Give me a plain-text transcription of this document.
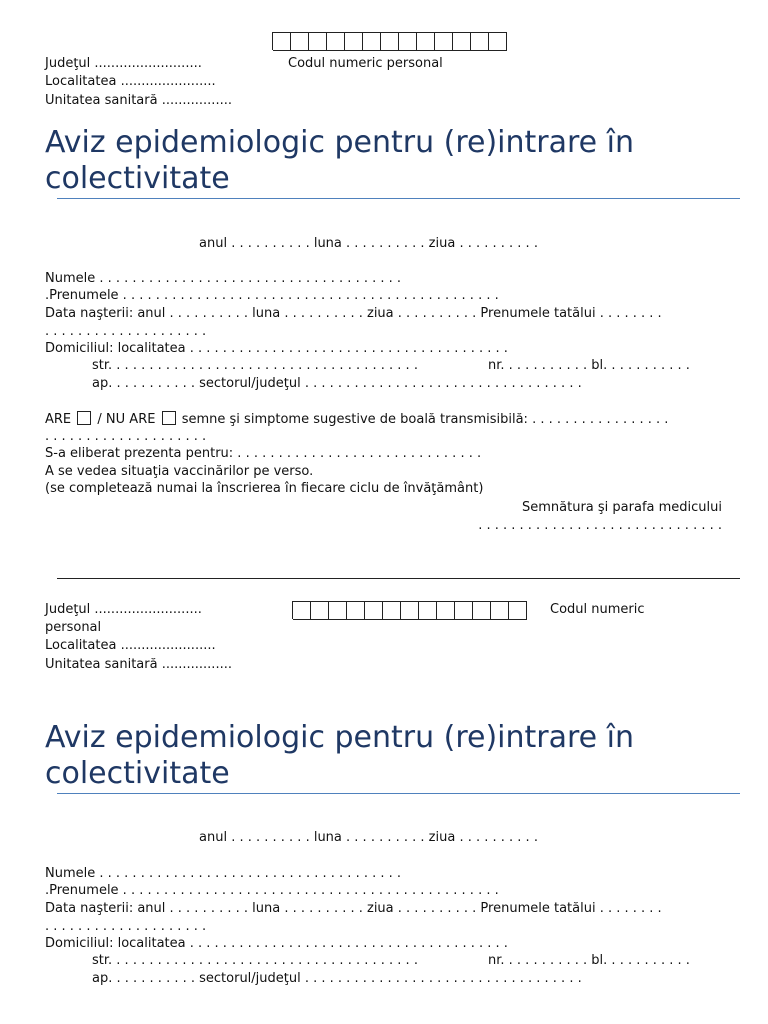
Judeţul ..........................	Codul numeric personal
Localitatea .......................
Unitatea sanitară .................
Aviz epidemiologic pentru (re)intrare în
colectivitate
anul . . . . . . . . . . luna . . . . . . . . . . ziua . . . . . . . . . .
Numele . . . . . . . . . . . . . . . . . . . . . . . . . . . . . . . . . . . . .
.Prenumele . . . . . . . . . . . . . . . . . . . . . . . . . . . . . . . . . . . . . . . . . . . . . .
Data naşterii: anul . . . . . . . . . . luna . . . . . . . . . . ziua . . . . . . . . . . Prenumele tatălui . . . . . . . .
. . . . . . . . . . . . . . . . . . . .
Domiciliul: localitatea . . . . . . . . . . . . . . . . . . . . . . . . . . . . . . . . . . . . . . .
str. . . . . . . . . . . . . . . . . . . . . . . . . . . . . . . . . . . . . .	nr. . . . . . . . . . . bl. . . . . . . . . . .
ap. . . . . . . . . . . sectorul/judeţul . . . . . . . . . . . . . . . . . . . . . . . . . . . . . . . . . .
ARE / NU ARE semne şi simptome sugestive de boală transmisibilă: . . . . . . . . . . . . . . . . .
. . . . . . . . . . . . . . . . . . . .
S-a eliberat prezenta pentru: . . . . . . . . . . . . . . . . . . . . . . . . . . . . . .
A se vedea situaţia vaccinărilor pe verso.
(se completează numai la înscrierea în fiecare ciclu de învăţământ)
Semnătura şi parafa medicului
. . . . . . . . . . . . . . . . . . . . . . . . . . . . . .
Judeţul ..........................	Codul numeric
personal
Localitatea .......................
Unitatea sanitară .................
Aviz epidemiologic pentru (re)intrare în
colectivitate
anul . . . . . . . . . . luna . . . . . . . . . . ziua . . . . . . . . . .
Numele . . . . . . . . . . . . . . . . . . . . . . . . . . . . . . . . . . . . .
.Prenumele . . . . . . . . . . . . . . . . . . . . . . . . . . . . . . . . . . . . . . . . . . . . . .
Data naşterii: anul . . . . . . . . . . luna . . . . . . . . . . ziua . . . . . . . . . . Prenumele tatălui . . . . . . . .
. . . . . . . . . . . . . . . . . . . .
Domiciliul: localitatea . . . . . . . . . . . . . . . . . . . . . . . . . . . . . . . . . . . . . . .
str. . . . . . . . . . . . . . . . . . . . . . . . . . . . . . . . . . . . . .	nr. . . . . . . . . . . bl. . . . . . . . . . .
ap. . . . . . . . . . . sectorul/judeţul . . . . . . . . . . . . . . . . . . . . . . . . . . . . . . . . . .
